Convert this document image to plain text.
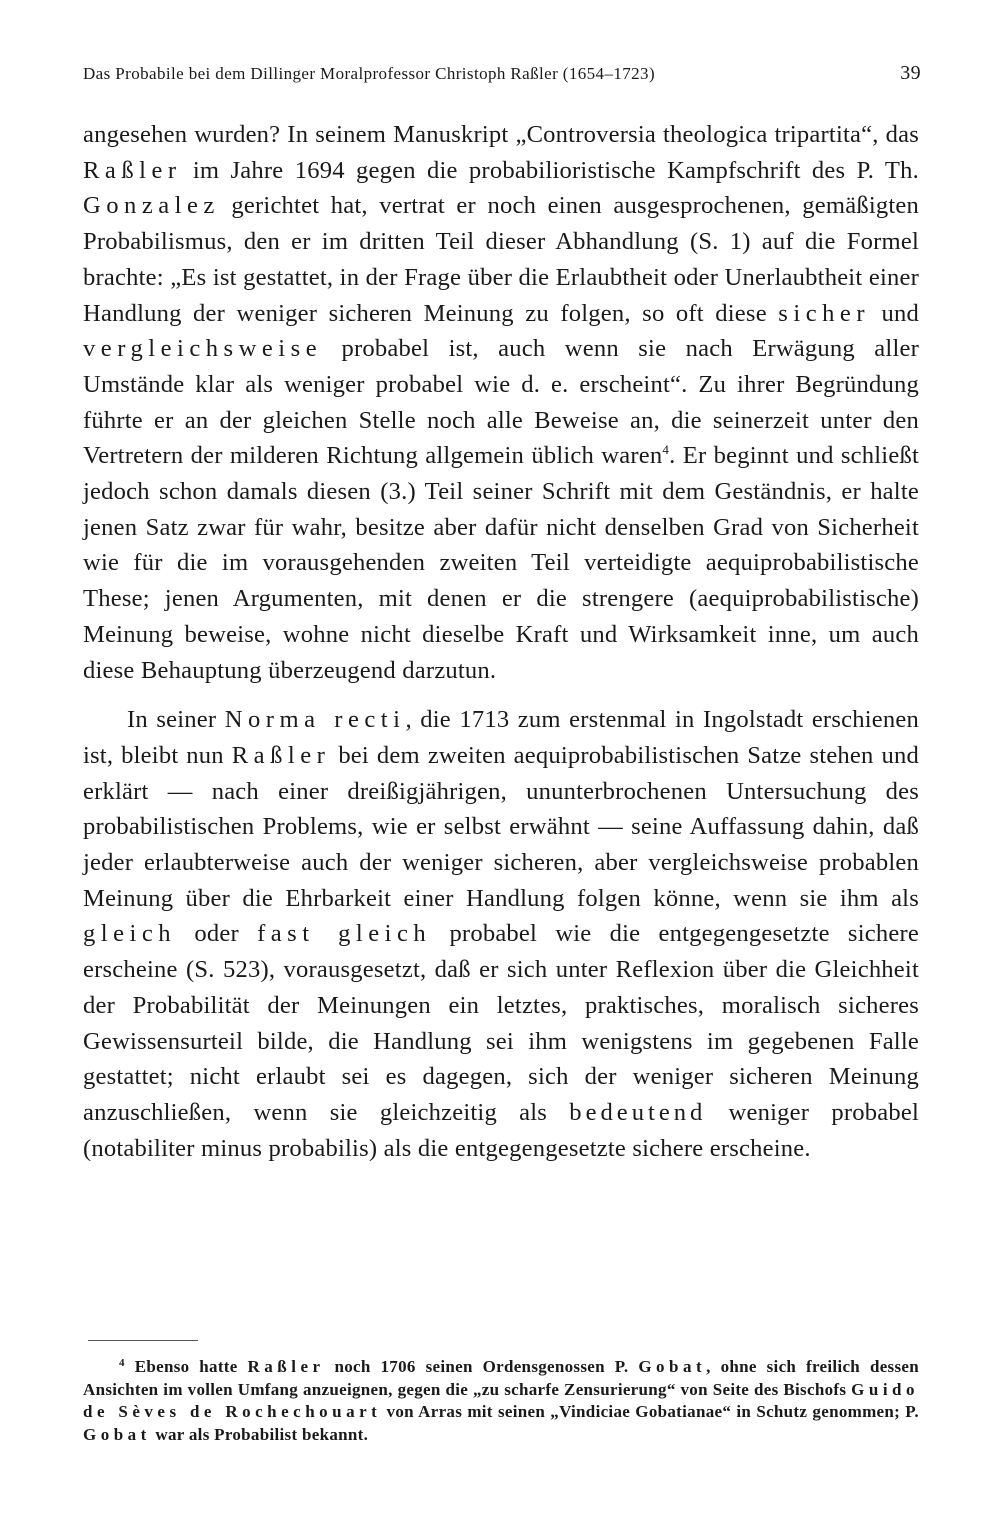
Das Probabile bei dem Dillinger Moralprofessor Christoph Raßler (1654–1723)	39

angesehen wurden? In seinem Manuskript „Controversia theologica tripartita“, das Raßler im Jahre 1694 gegen die probabilioristische Kampfschrift des P. Th. Gonzalez gerichtet hat, vertrat er noch einen ausgesprochenen, gemäßigten Probabilismus, den er im dritten Teil dieser Abhandlung (S. 1) auf die Formel brachte: „Es ist gestattet, in der Frage über die Erlaubtheit oder Unerlaubtheit einer Handlung der weniger sicheren Meinung zu folgen, so oft diese sicher und vergleichsweise probabel ist, auch wenn sie nach Erwägung aller Umstände klar als weniger probabel wie d. e. erscheint“. Zu ihrer Begründung führte er an der gleichen Stelle noch alle Beweise an, die seinerzeit unter den Vertretern der milderen Richtung allgemein üblich waren$^4$. Er beginnt und schließt jedoch schon damals diesen (3.) Teil seiner Schrift mit dem Geständnis, er halte jenen Satz zwar für wahr, besitze aber dafür nicht denselben Grad von Sicherheit wie für die im vorausgehenden zweiten Teil verteidigte aequiprobabilistische These; jenen Argumenten, mit denen er die strengere (aequiprobabilistische) Meinung beweise, wohne nicht dieselbe Kraft und Wirksamkeit inne, um auch diese Behauptung überzeugend darzutun.

In seiner Norma recti, die 1713 zum erstenmal in Ingolstadt erschienen ist, bleibt nun Raßler bei dem zweiten aequiprobabilistischen Satze stehen und erklärt — nach einer dreißigjährigen, ununterbrochenen Untersuchung des probabilistischen Problems, wie er selbst erwähnt — seine Auffassung dahin, daß jeder erlaubterweise auch der weniger sicheren, aber vergleichsweise probablen Meinung über die Ehrbarkeit einer Handlung folgen könne, wenn sie ihm als gleich oder fast gleich probabel wie die entgegengesetzte sichere erscheine (S. 523), vorausgesetzt, daß er sich unter Reflexion über die Gleichheit der Probabilität der Meinungen ein letztes, praktisches, moralisch sicheres Gewissensurteil bilde, die Handlung sei ihm wenigstens im gegebenen Falle gestattet; nicht erlaubt sei es dagegen, sich der weniger sicheren Meinung anzuschließen, wenn sie gleichzeitig als bedeutend weniger probabel (notabiliter minus probabilis) als die entgegengesetzte sichere erscheine.

$^4$ Ebenso hatte Raßler noch 1706 seinen Ordensgenossen P. Gobat, ohne sich freilich dessen Ansichten im vollen Umfang anzueignen, gegen die „zu scharfe Zensurierung“ von Seite des Bischofs Guido de Sèves de Rochechouart von Arras mit seinen „Vindiciae Gobatianae“ in Schutz genommen; P. Gobat war als Probabilist bekannt.
